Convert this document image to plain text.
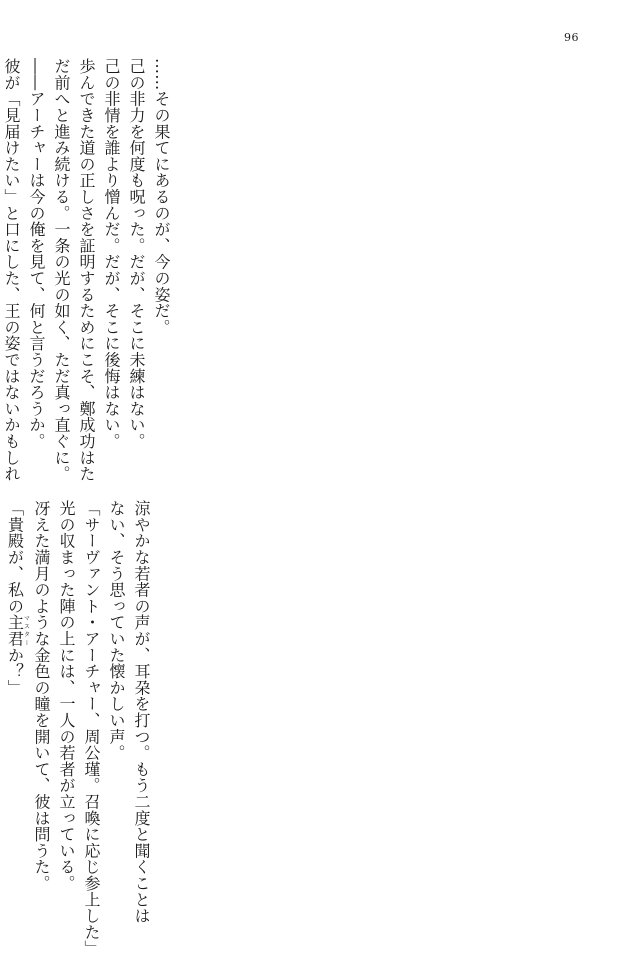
96
……その果てにあるのが、今の姿だ。
己の非力を何度も呪った。だが、そこに未練はない。
己の非情を誰より憎んだ。だが、そこに後悔はない。
歩んできた道の正しさを証明するためにこそ、鄭成功はた
だ前へと進み続ける。一条の光の如く、ただ真っ直ぐに。
――アーチャーは今の俺を見て、何と言うだろうか。
彼が「見届けたい」と口にした、王の姿ではないかもしれ
涼やかな若者の声が、耳朶を打つ。もう二度と聞くことは
ない、そう思っていた懐かしい声。
「サーヴァント・アーチャー、周公瑾。召喚に応じ参上した」
光の収まった陣の上には、一人の若者が立っている。
冴えた満月のような金色の瞳を開いて、彼は問うた。
「貴殿が、私の主君マスターか？」
